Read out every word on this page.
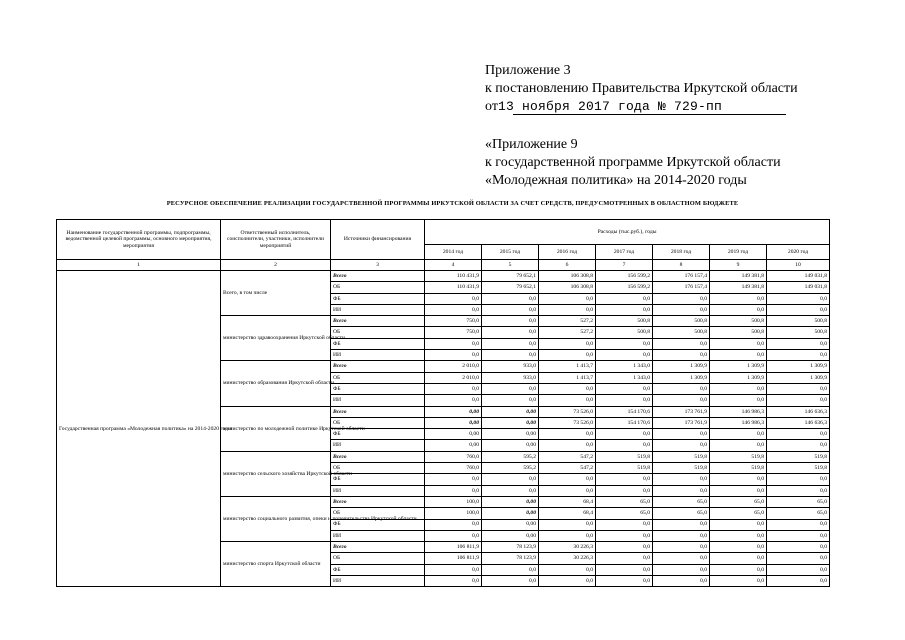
Приложение 3
к постановлению Правительства Иркутской области
от13 ноября 2017 года № 729-пп
«Приложение 9
к государственной программе Иркутской области
«Молодежная политика» на 2014-2020 годы
РЕСУРСНОЕ ОБЕСПЕЧЕНИЕ РЕАЛИЗАЦИИ ГОСУДАРСТВЕННОЙ ПРОГРАММЫ ИРКУТСКОЙ ОБЛАСТИ ЗА СЧЕТ СРЕДСТВ, ПРЕДУСМОТРЕННЫХ В ОБЛАСТНОМ БЮДЖЕТЕ
Наименование государственной программы, подпрограммы, ведомственной целевой программы, основного мероприятия, мероприятия	Ответственный исполнитель, соисполнители, участники, исполнители мероприятий	Источники финансирования	Расходы (тыс.руб.), годы						
			2014 год	2015 год	2016 год	2017 год	2018 год	2019 год	2020 год
1	2	3	4	5	6	7	8	9	10
Государственная программа «Молодежная политика» на 2014-2020 годы	Всего, в том числе	Всего	110 431,9	79 652,1	106 308,8	156 599,2	176 157,4	149 381,8	149 031,8
		ОБ	110 431,9	79 652,1	106 308,8	156 599,2	176 157,4	149 381,8	149 031,8
		ФБ	0,0	0,0	0,0	0,0	0,0	0,0	0,0
		ИИ	0,0	0,0	0,0	0,0	0,0	0,0	0,0
	министерство здравоохранения Иркутской области	Всего	750,0	0,0	527,2	500,8	500,8	500,8	500,8
		ОБ	750,0	0,0	527,2	500,8	500,8	500,8	500,8
		ФБ	0,0	0,0	0,0	0,0	0,0	0,0	0,0
		ИИ	0,0	0,0	0,0	0,0	0,0	0,0	0,0
	министерство образования Иркутской области	Всего	2 010,0	933,0	1 413,7	1 343,0	1 309,9	1 309,9	1 309,9
		ОБ	2 010,0	933,0	1 413,7	1 343,0	1 309,9	1 309,9	1 309,9
		ФБ	0,0	0,0	0,0	0,0	0,0	0,0	0,0
		ИИ	0,0	0,0	0,0	0,0	0,0	0,0	0,0
	министерство по молодежной политике Иркутской области	Всего	0,00	0,00	73 526,0	154 170,6	173 761,9	146 986,3	146 636,3
		ОБ	0,00	0,00	73 526,0	154 170,6	173 761,9	146 986,3	146 636,3
		ФБ	0,00	0,00	0,0	0,0	0,0	0,0	0,0
		ИИ	0,00	0,00	0,0	0,0	0,0	0,0	0,0
	министерство сельского хозяйства Иркутской области	Всего	760,0	595,2	547,2	519,8	519,8	519,8	519,8
		ОБ	760,0	595,2	547,2	519,8	519,8	519,8	519,8
		ФБ	0,0	0,0	0,0	0,0	0,0	0,0	0,0
		ИИ	0,0	0,0	0,0	0,0	0,0	0,0	0,0
	министерство социального развития, опеки и попечительства Иркутской области	Всего	100,0	0,00	68,4	65,0	65,0	65,0	65,0
		ОБ	100,0	0,00	68,4	65,0	65,0	65,0	65,0
		ФБ	0,0	0,00	0,0	0,0	0,0	0,0	0,0
		ИИ	0,0	0,00	0,0	0,0	0,0	0,0	0,0
	министерство спорта Иркутской области	Всего	106 811,9	78 123,9	30 226,3	0,0	0,0	0,0	0,0
		ОБ	106 811,9	78 123,9	30 226,3	0,0	0,0	0,0	0,0
		ФБ	0,0	0,0	0,0	0,0	0,0	0,0	0,0
		ИИ	0,0	0,0	0,0	0,0	0,0	0,0	0,0
